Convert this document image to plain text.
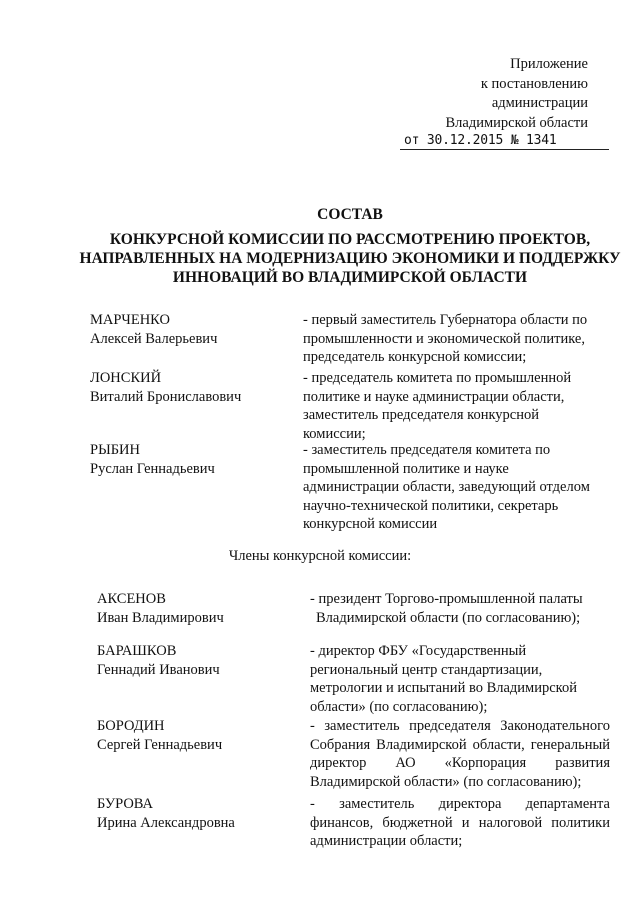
Приложение
к постановлению
администрации
Владимирской области
от 30.12.2015 № 1341
СОСТАВ
КОНКУРСНОЙ КОМИССИИ ПО РАССМОТРЕНИЮ ПРОЕКТОВ,
НАПРАВЛЕННЫХ НА МОДЕРНИЗАЦИЮ ЭКОНОМИКИ И ПОДДЕРЖКУ
ИННОВАЦИЙ ВО ВЛАДИМИРСКОЙ ОБЛАСТИ
МАРЧЕНКО
Алексей Валерьевич
- первый заместитель Губернатора области по
промышленности и экономической политике,
председатель конкурсной комиссии;
ЛОНСКИЙ
Виталий Брониславович
- председатель комитета по промышленной
политике и науке администрации области,
заместитель председателя конкурсной
комиссии;
РЫБИН
Руслан Геннадьевич
- заместитель председателя комитета по
промышленной политике и науке
администрации области, заведующий отделом
научно-технической политики, секретарь
конкурсной комиссии
Члены конкурсной комиссии:
АКСЕНОВ
Иван Владимирович
- президент Торгово-промышленной палаты
Владимирской области (по согласованию);
БАРАШКОВ
Геннадий Иванович
- директор ФБУ «Государственный
региональный центр стандартизации,
метрологии и испытаний во Владимирской
области» (по согласованию);
БОРОДИН
Сергей Геннадьевич
- заместитель председателя Законодательного
Собрания Владимирской области, генеральный
директор АО «Корпорация развития
Владимирской области» (по согласованию);
БУРОВА
Ирина Александровна
- заместитель директора департамента
финансов, бюджетной и налоговой политики
администрации области;
